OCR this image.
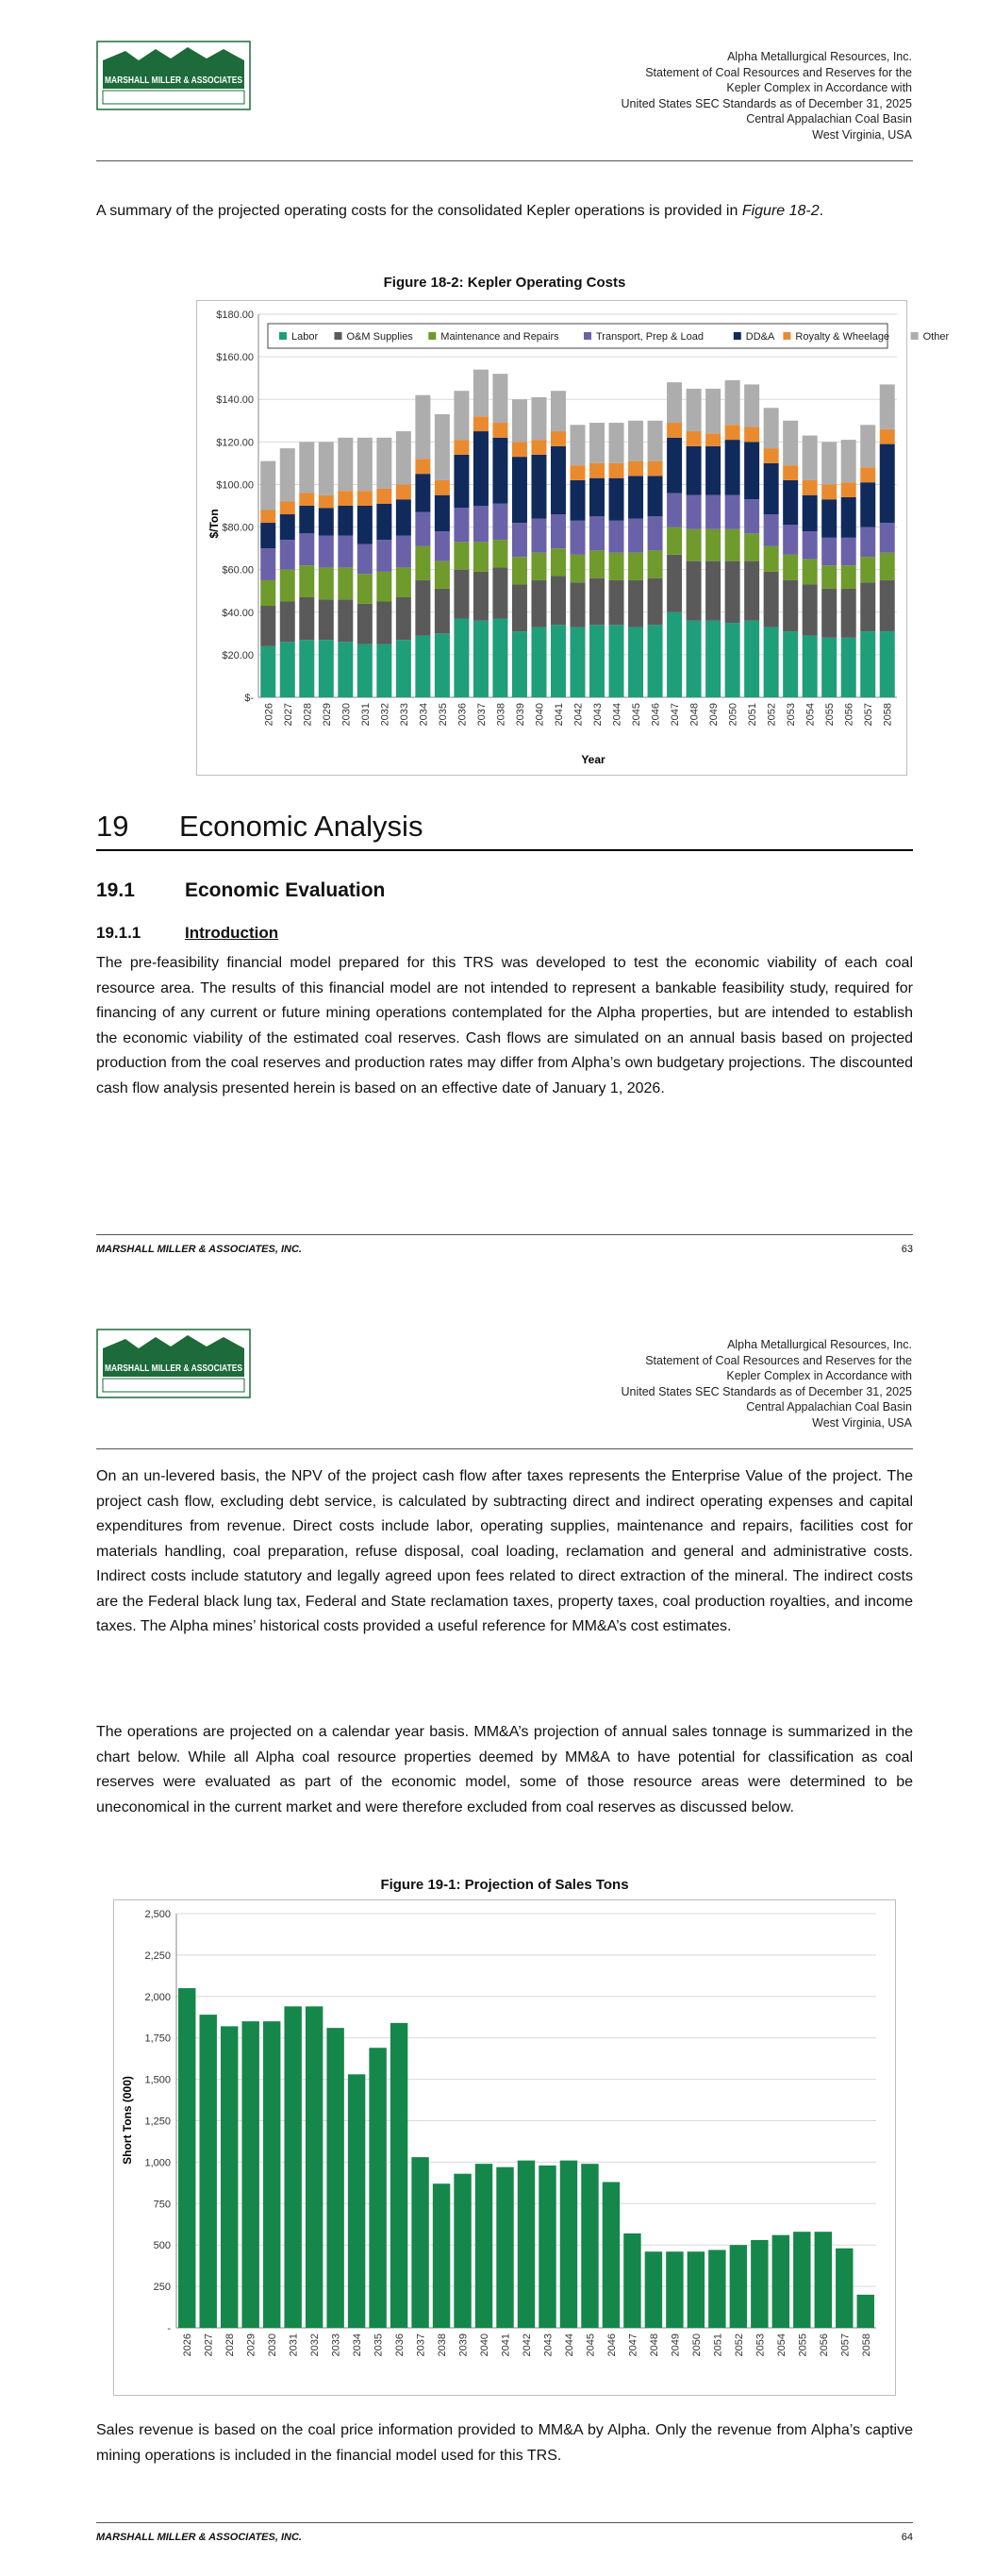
MARSHALL MILLER & ASSOCIATES
Alpha Metallurgical Resources, Inc.
Statement of Coal Resources and Reserves for the
Kepler Complex in Accordance with
United States SEC Standards as of December 31, 2025
Central Appalachian Coal Basin
West Virginia, USA

A summary of the projected operating costs for the consolidated Kepler operations is provided in Figure 18-2.

Figure 18-2: Kepler Operating Costs
$-
$20.00
$40.00
$60.00
$80.00
$100.00
$120.00
$140.00
$160.00
$180.00
2026 2027 2028 2029 2030 2031 2032 2033 2034 2035 2036 2037 2038 2039 2040 2041 2042 2043 2044 2045 2046 2047 2048 2049 2050 2051 2052 2053 2054 2055 2056 2057 2058
Labor	O&M Supplies	Maintenance and Repairs	Transport, Prep & Load	DD&A Royalty & Wheelage	Other
$/Ton
Year
19 Economic Analysis
19.1	Economic Evaluation
19.1.1	Introduction

The pre-feasibility financial model prepared for this TRS was developed to test the economic viability of each coal resource area. The results of this financial model are not intended to represent a bankable feasibility study, required for financing of any current or future mining operations contemplated for the Alpha properties, but are intended to establish the economic viability of the estimated coal reserves. Cash flows are simulated on an annual basis based on projected production from the coal reserves and production rates may differ from Alpha’s own budgetary projections. The discounted cash flow analysis presented herein is based on an effective date of January 1, 2026.

MARSHALL MILLER & ASSOCIATES, INC.	63
MARSHALL MILLER & ASSOCIATES
Alpha Metallurgical Resources, Inc.
Statement of Coal Resources and Reserves for the
Kepler Complex in Accordance with
United States SEC Standards as of December 31, 2025
Central Appalachian Coal Basin
West Virginia, USA

On an un-levered basis, the NPV of the project cash flow after taxes represents the Enterprise Value of the project. The project cash flow, excluding debt service, is calculated by subtracting direct and indirect operating expenses and capital expenditures from revenue. Direct costs include labor, operating supplies, maintenance and repairs, facilities cost for materials handling, coal preparation, refuse disposal, coal loading, reclamation and general and administrative costs. Indirect costs include statutory and legally agreed upon fees related to direct extraction of the mineral. The indirect costs are the Federal black lung tax, Federal and State reclamation taxes, property taxes, coal production royalties, and income taxes. The Alpha mines’ historical costs provided a useful reference for MM&A’s cost estimates.

The operations are projected on a calendar year basis. MM&A’s projection of annual sales tonnage is summarized in the chart below. While all Alpha coal resource properties deemed by MM&A to have potential for classification as coal reserves were evaluated as part of the economic model, some of those resource areas were determined to be uneconomical in the current market and were therefore excluded from coal reserves as discussed below.

Figure 19-1: Projection of Sales Tons
-
250
500
750
1,000
1,250
1,500
1,750
2,000
2,250
2,500
2026 2027 2028 2029 2030 2031 2032 2033 2034 2035 2036 2037 2038 2039 2040 2041 2042 2043 2044 2045 2046 2047 2048 2049 2050 2051 2052 2053 2054 2055 2056 2057 2058
Short Tons (000)

Sales revenue is based on the coal price information provided to MM&A by Alpha. Only the revenue from Alpha’s captive mining operations is included in the financial model used for this TRS.

MARSHALL MILLER & ASSOCIATES, INC.	64
